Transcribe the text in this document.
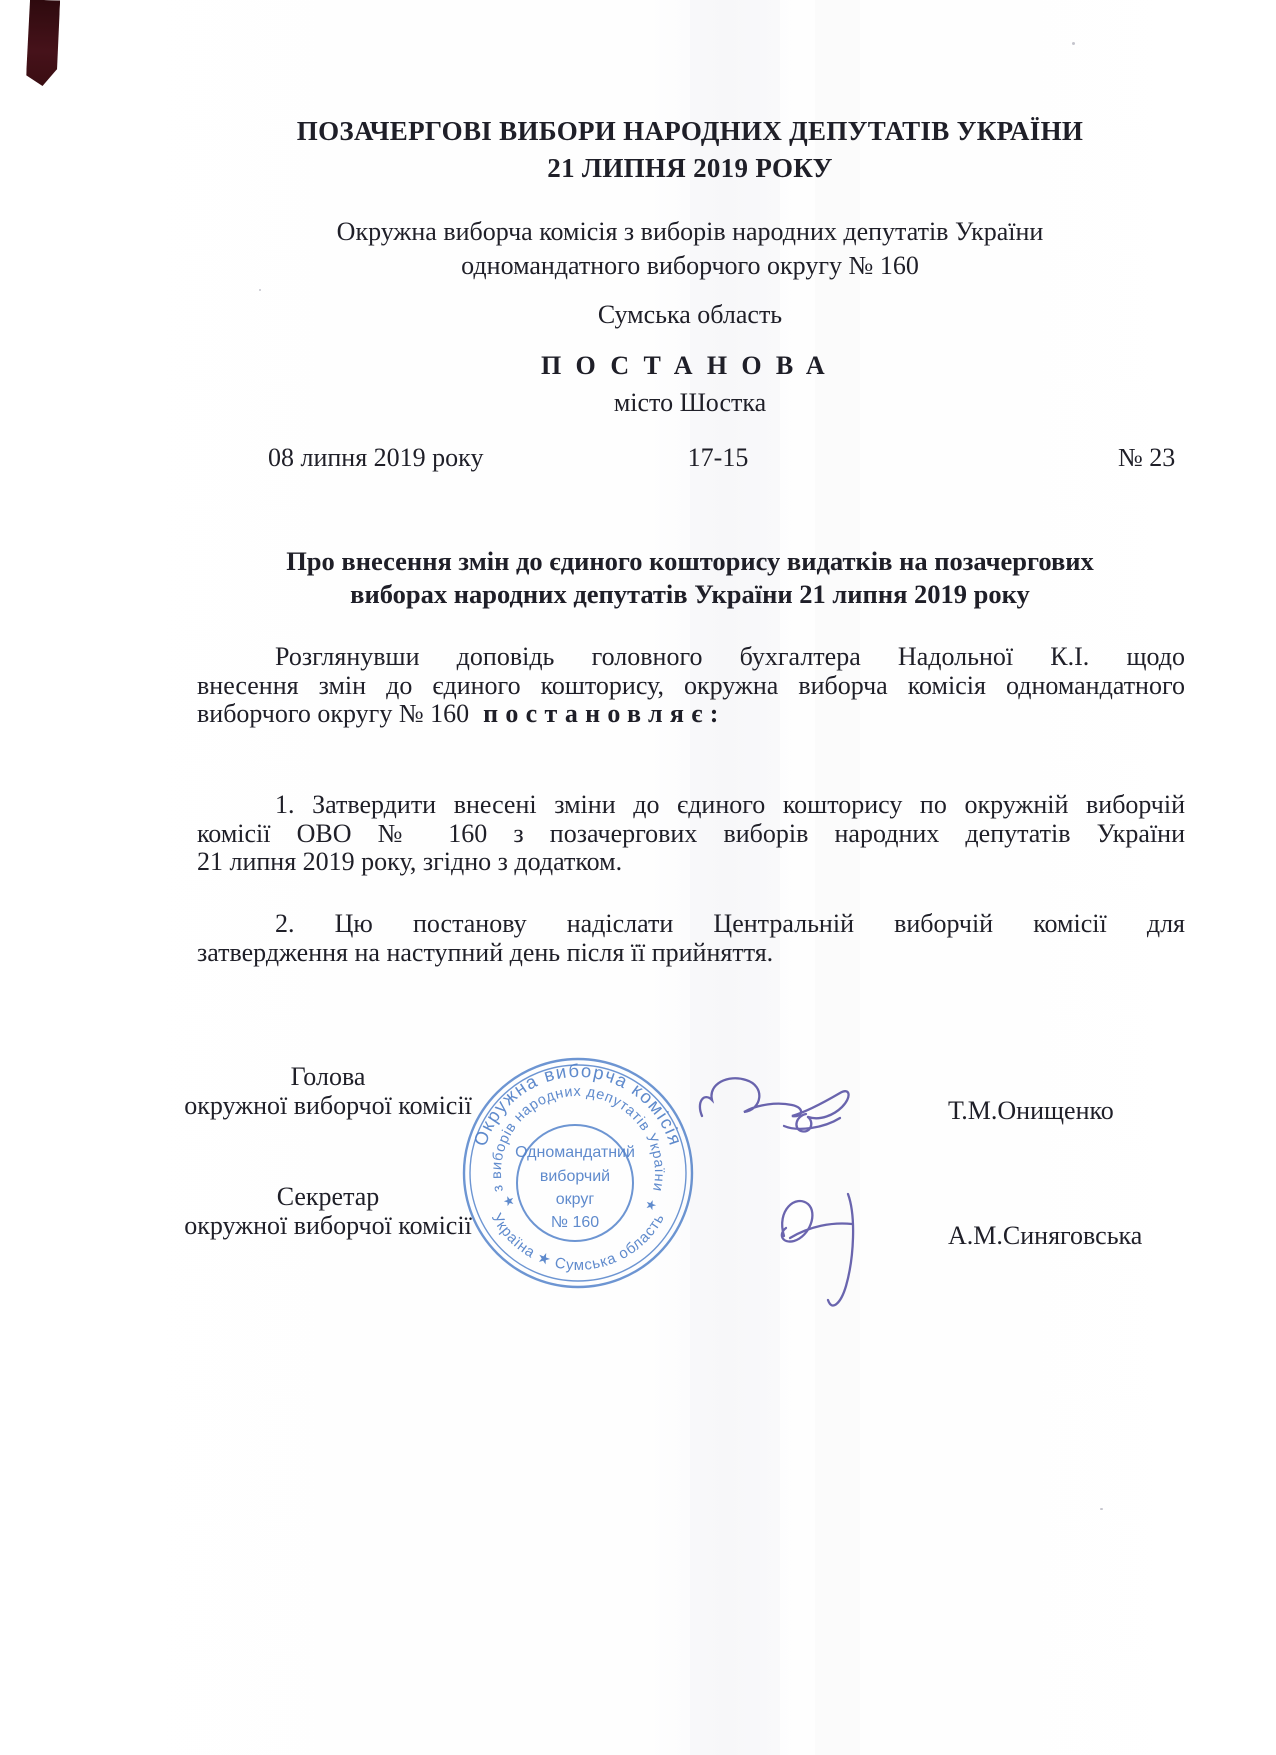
ПОЗАЧЕРГОВІ ВИБОРИ НАРОДНИХ ДЕПУТАТІВ УКРАЇНИ
21 ЛИПНЯ 2019 РОКУ
Окружна виборча комісія з виборів народних депутатів України
одномандатного виборчого округу № 160
Сумська область
ПОСТАНОВА
місто Шостка
08 липня 2019 року	17-15	№ 23
Про внесення змін до єдиного кошторису видатків на позачергових
виборах народних депутатів України 21 липня 2019 року
Розглянувши доповідь головного бухгалтера Надольної К.І. щодо
внесення змін до єдиного кошторису, окружна виборча комісія одномандатного
виборчого округу № 160 постановляє:
1. Затвердити внесені зміни до єдиного кошторису по окружній виборчій
комісії ОВО № 160 з позачергових виборів народних депутатів України
21 липня 2019 року, згідно з додатком.
2. Цю постанову надіслати Центральній виборчій комісії для
затвердження на наступний день після її прийняття.
Голова
окружної виборчої комісії	Т.М.Онищенко
Секретар
окружної виборчої комісії	А.М.Синяговська
Окружна виборча комісія
з виборів народних депутатів України
Україна ★ Сумська область
★	★
Одномандатний
виборчий
округ
№ 160
